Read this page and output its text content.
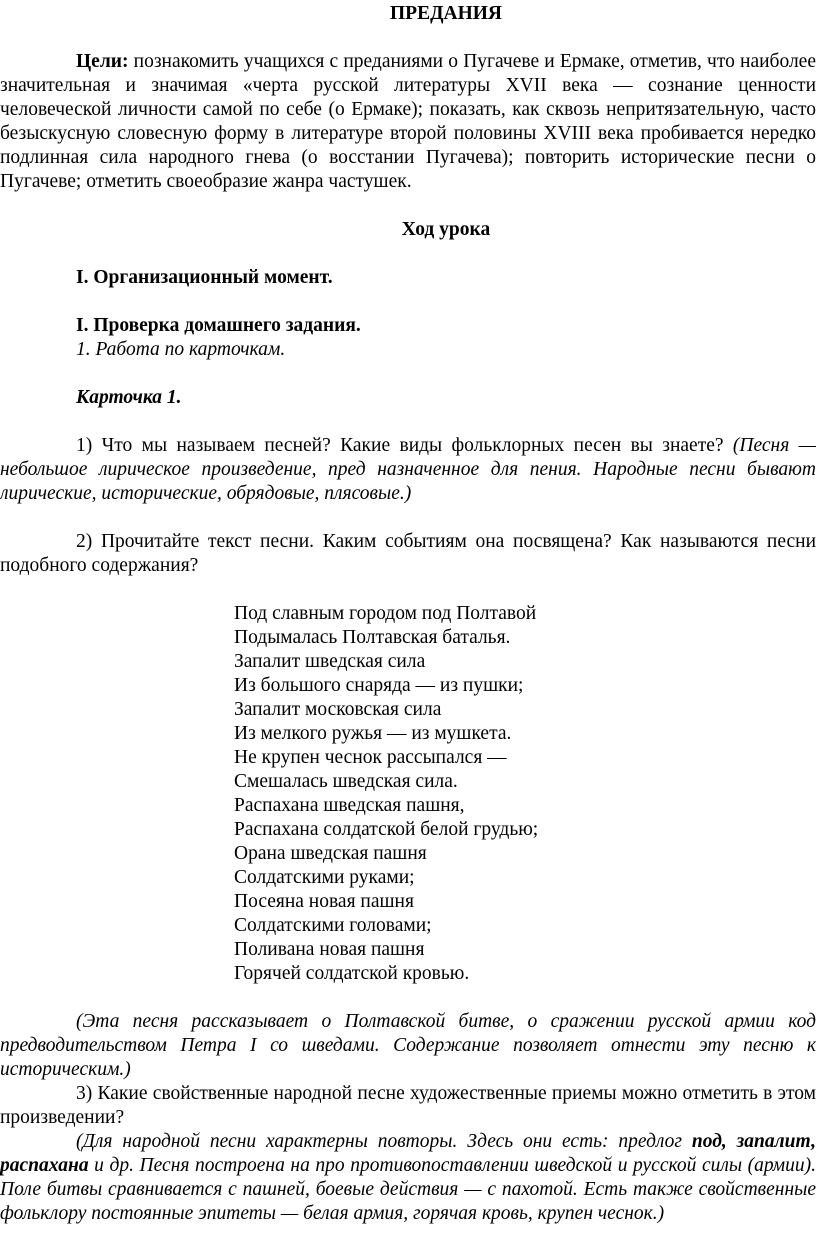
ПРЕДАНИЯ

Цели: познакомить учащихся с преданиями о Пугачеве и Ермаке, отметив, что наиболее значительная и значимая «черта русской литературы XVII века — сознание ценности человеческой личности самой по себе (о Ермаке); показать, как сквозь непритязательную, часто безыскусную словесную форму в литературе второй половины XVIII века пробивается нередко подлинная сила народного гнева (о восстании Пугачева); повторить исторические песни о Пугачеве; отметить своеобразие жанра частушек.

Ход урока

I. Организационный момент.

I. Проверка домашнего задания.

1. Работа по карточкам.

Карточка 1.

1) Что мы называем песней? Какие виды фольклорных песен вы знаете? (Песня — небольшое лирическое произведение, пред назначенное для пения. Народные песни бывают лирические, исторические, обрядовые, плясовые.)

2) Прочитайте текст песни. Каким событиям она посвящена? Как называются песни подобного содержания?

Под славным городом под Полтавой
Подымалась Полтавская баталья.
Запалит шведская сила
Из большого снаряда — из пушки;
Запалит московская сила
Из мелкого ружья — из мушкета.
Не крупен чеснок рассыпался —
Смешалась шведская сила.
Распахана шведская пашня,
Распахана солдатской белой грудью;
Орана шведская пашня
Солдатскими руками;
Посеяна новая пашня
Солдатскими головами;
Поливана новая пашня
Горячей солдатской кровью.

(Эта песня рассказывает о Полтавской битве, о сражении русской армии код предводительством Петра I со шведами. Содержание позволяет отнести эту песню к историческим.)

3) Какие свойственные народной песне художественные приемы можно отметить в этом произведении?

(Для народной песни характерны повторы. Здесь они есть: предлог под, запалит, распахана и др. Песня построена на про противопоставлении шведской и русской силы (армии). Поле битвы сравнивается с пашней, боевые действия — с пахотой. Есть также свойственные фольклору постоянные эпитеты — белая армия, горячая кровь, крупен чеснок.)
